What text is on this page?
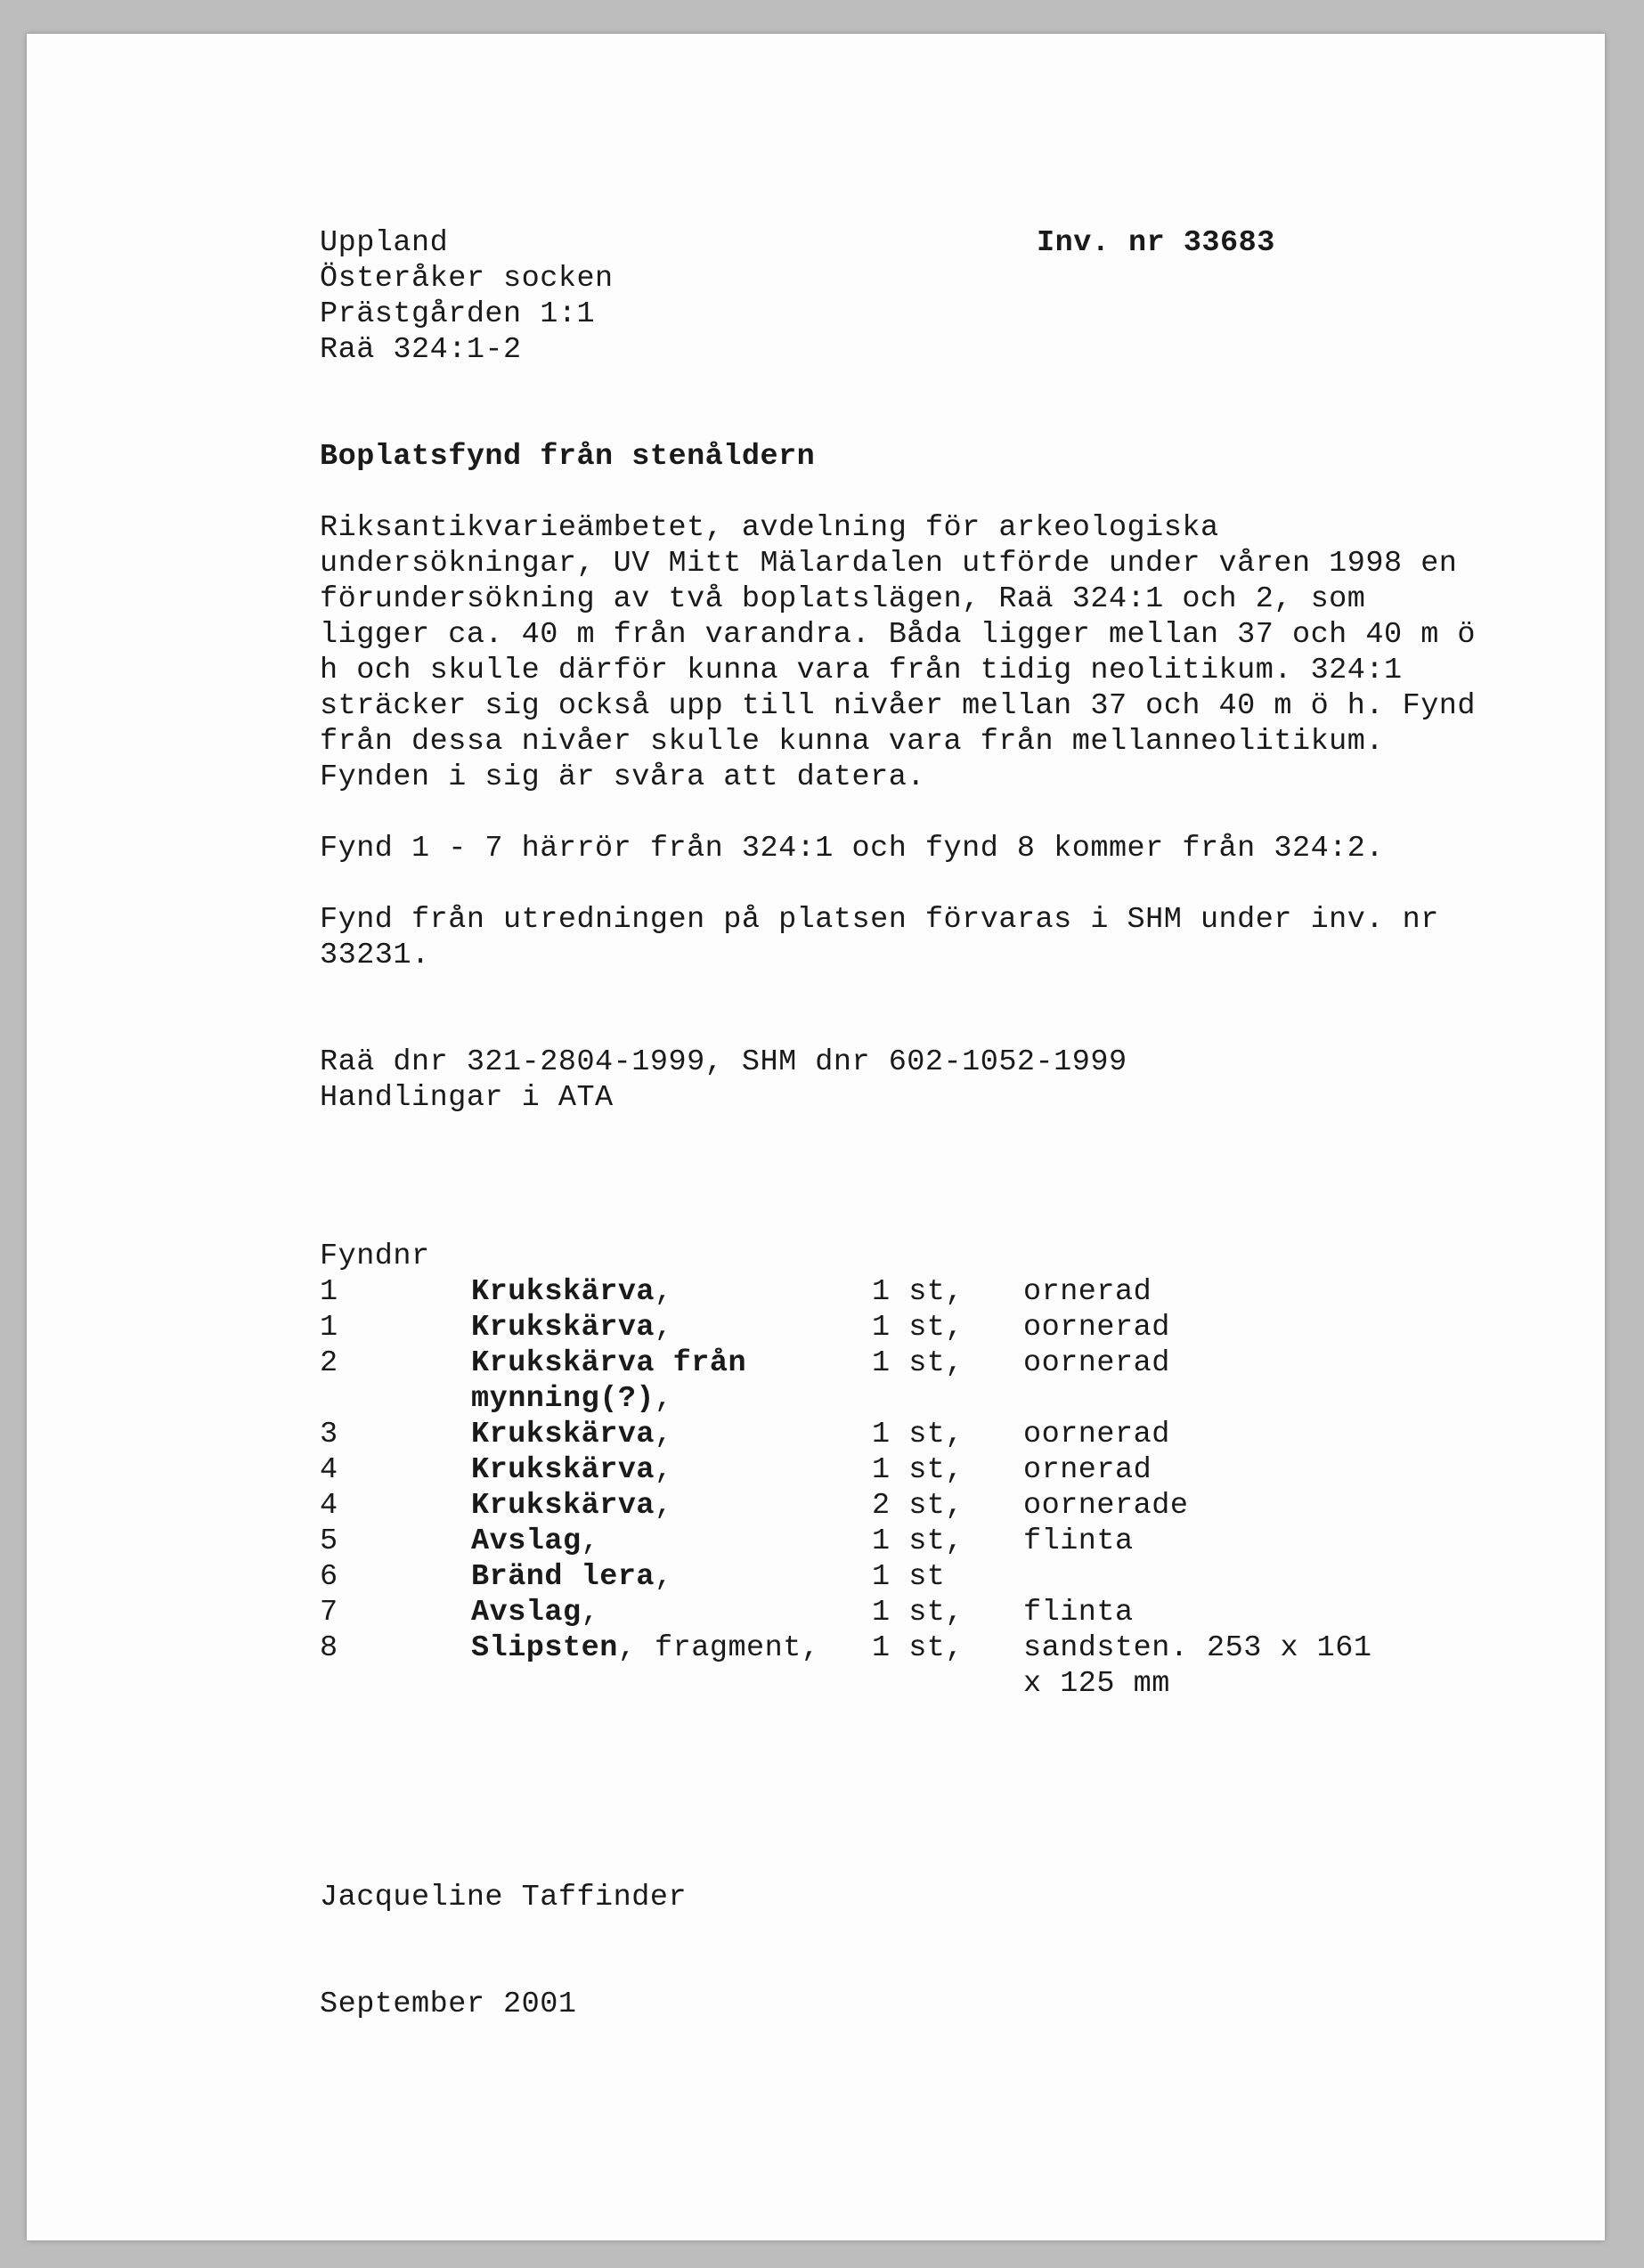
Uppland
Österåker socken
Prästgården 1:1
Raä 324:1-2
Inv. nr 33683

Boplatsfynd från stenåldern

Riksantikvarieämbetet, avdelning för arkeologiska undersökningar, UV Mitt Mälardalen utförde under våren 1998 en förundersökning av två boplatslägen, Raä 324:1 och 2, som ligger ca. 40 m från varandra. Båda ligger mellan 37 och 40 m ö h och skulle därför kunna vara från tidig neolitikum. 324:1 sträcker sig också upp till nivåer mellan 37 och 40 m ö h. Fynd från dessa nivåer skulle kunna vara från mellanneolitikum. Fynden i sig är svåra att datera.

Fynd 1 - 7 härrör från 324:1 och fynd 8 kommer från 324:2.

Fynd från utredningen på platsen förvaras i SHM under inv. nr 33231.

Raä dnr 321-2804-1999, SHM dnr 602-1052-1999
Handlingar i ATA

Fyndnr

1	Krukskärva,	1 st,	ornerad
1	Krukskärva,	1 st,	oornerad
2	Krukskärva från mynning(?),	1 st,	oornerad
3	Krukskärva,	1 st,	oornerad
4	Krukskärva,	1 st,	ornerad
4	Krukskärva,	2 st,	oornerade
5	Avslag,	1 st,	flinta
6	Bränd lera,	1 st	
7	Avslag,	1 st,	flinta
8	Slipsten, fragment,	1 st,	sandsten. 253 x 161 x 125 mm

Jacqueline Taffinder

September 2001
